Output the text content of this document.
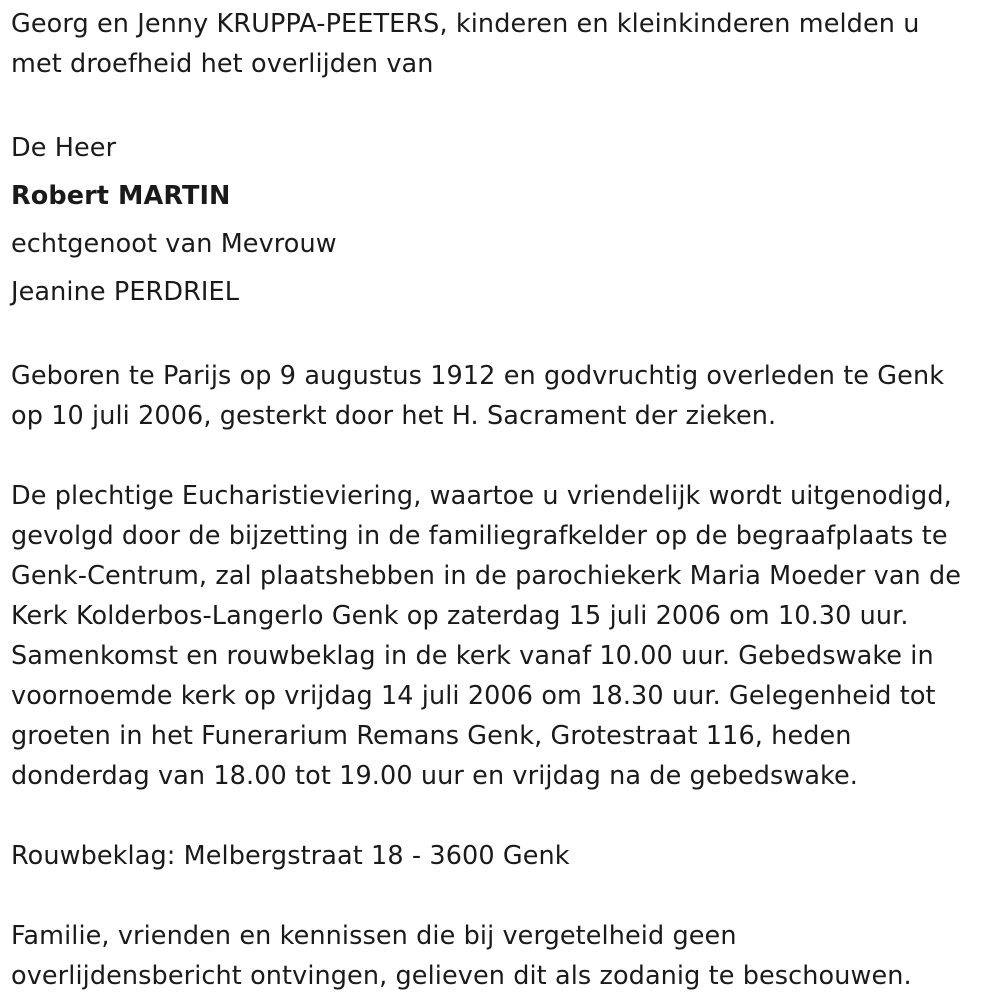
Georg en Jenny KRUPPA-PEETERS, kinderen en kleinkinderen melden u
met droefheid het overlijden van
De Heer
Robert MARTIN
echtgenoot van Mevrouw
Jeanine PERDRIEL
Geboren te Parijs op 9 augustus 1912 en godvruchtig overleden te Genk
op 10 juli 2006, gesterkt door het H. Sacrament der zieken.
De plechtige Eucharistieviering, waartoe u vriendelijk wordt uitgenodigd,
gevolgd door de bijzetting in de familiegrafkelder op de begraafplaats te
Genk-Centrum, zal plaatshebben in de parochiekerk Maria Moeder van de
Kerk Kolderbos-Langerlo Genk op zaterdag 15 juli 2006 om 10.30 uur.
Samenkomst en rouwbeklag in de kerk vanaf 10.00 uur. Gebedswake in
voornoemde kerk op vrijdag 14 juli 2006 om 18.30 uur. Gelegenheid tot
groeten in het Funerarium Remans Genk, Grotestraat 116, heden
donderdag van 18.00 tot 19.00 uur en vrijdag na de gebedswake.
Rouwbeklag: Melbergstraat 18 - 3600 Genk
Familie, vrienden en kennissen die bij vergetelheid geen
overlijdensbericht ontvingen, gelieven dit als zodanig te beschouwen.
